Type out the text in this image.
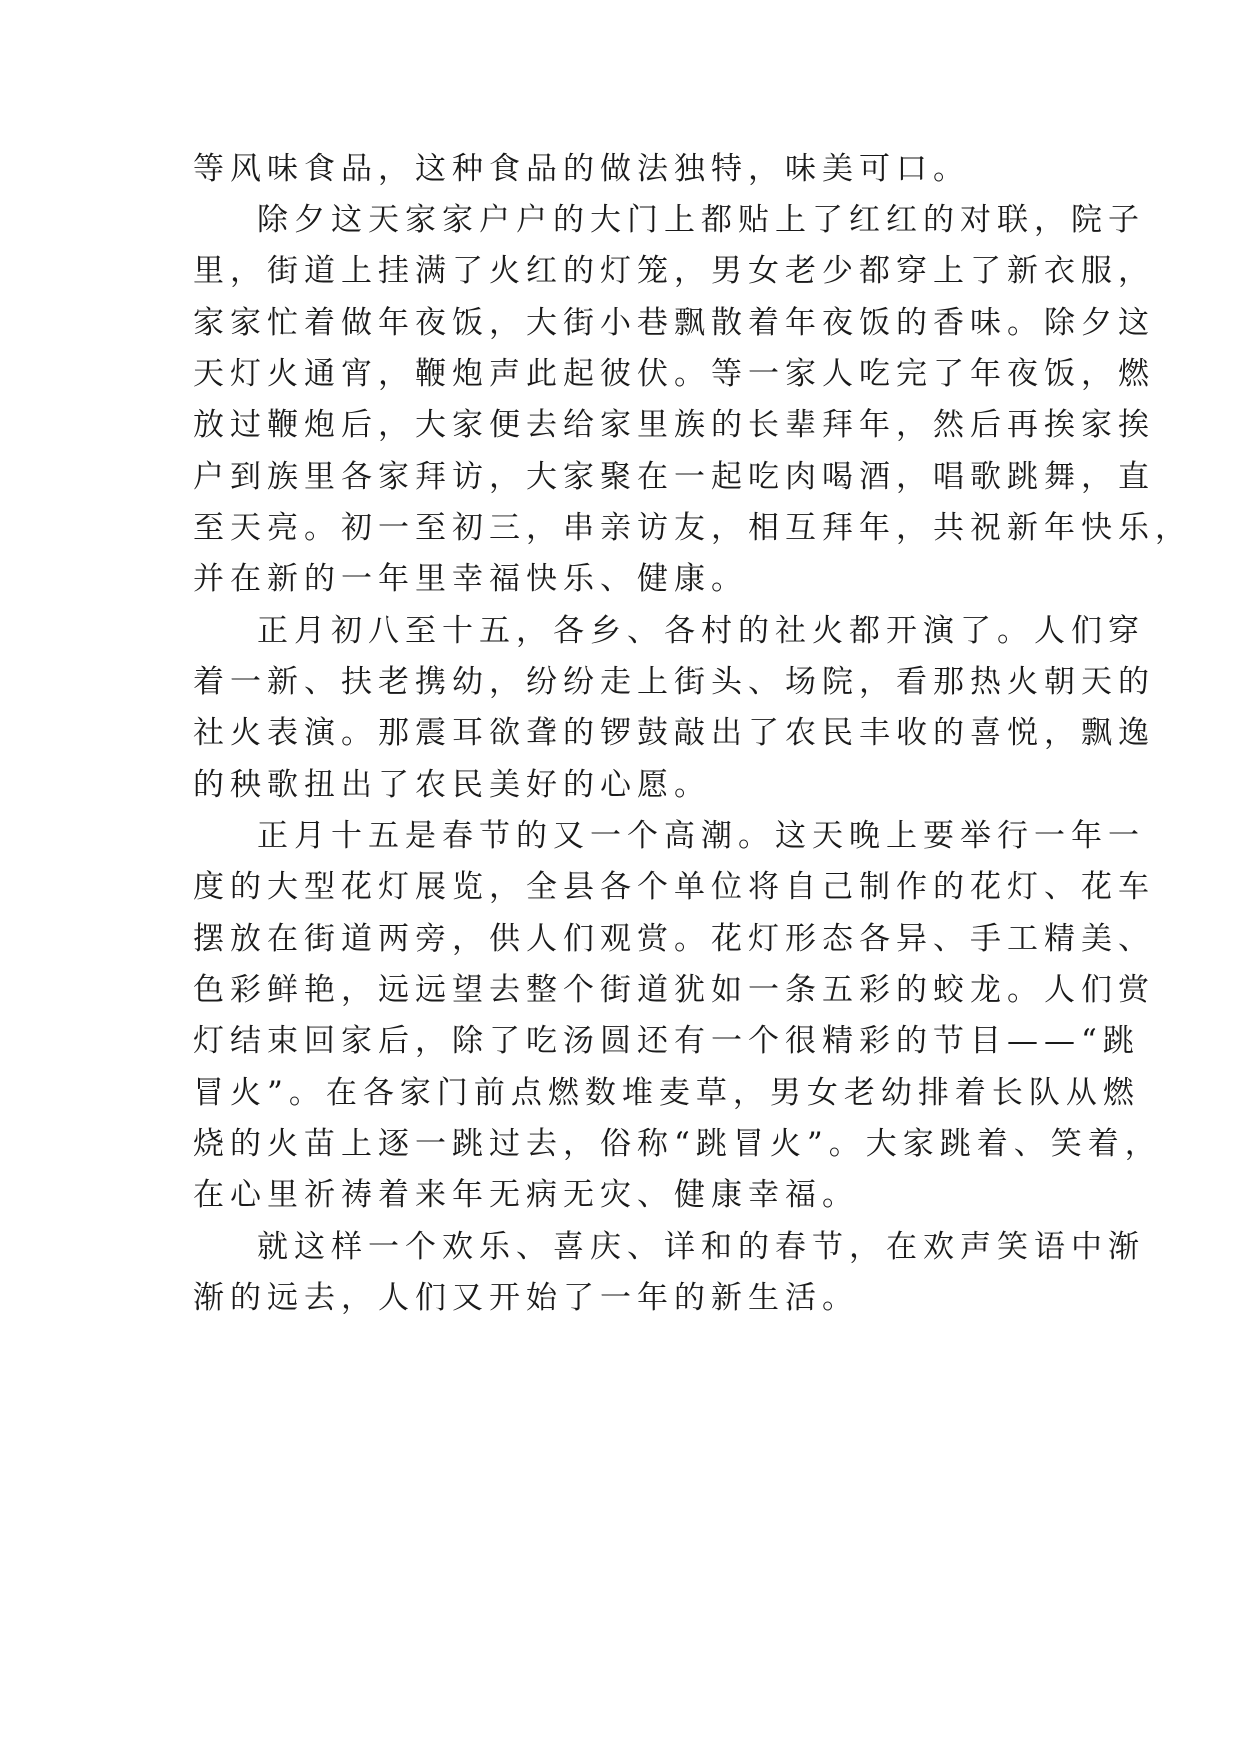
等风味食品，这种食品的做法独特，味美可口。
除夕这天家家户户的大门上都贴上了红红的对联，院子
里，街道上挂满了火红的灯笼，男女老少都穿上了新衣服，
家家忙着做年夜饭，大街小巷飘散着年夜饭的香味。除夕这
天灯火通宵，鞭炮声此起彼伏。等一家人吃完了年夜饭，燃
放过鞭炮后，大家便去给家里族的长辈拜年，然后再挨家挨
户到族里各家拜访，大家聚在一起吃肉喝酒，唱歌跳舞，直
至天亮。初一至初三，串亲访友，相互拜年，共祝新年快乐，
并在新的一年里幸福快乐、健康。
正月初八至十五，各乡、各村的社火都开演了。人们穿
着一新、扶老携幼，纷纷走上街头、场院，看那热火朝天的
社火表演。那震耳欲聋的锣鼓敲出了农民丰收的喜悦，飘逸
的秧歌扭出了农民美好的心愿。
正月十五是春节的又一个高潮。这天晚上要举行一年一
度的大型花灯展览，全县各个单位将自己制作的花灯、花车
摆放在街道两旁，供人们观赏。花灯形态各异、手工精美、
色彩鲜艳，远远望去整个街道犹如一条五彩的蛟龙。人们赏
灯结束回家后，除了吃汤圆还有一个很精彩的节目——“跳
冒火”。在各家门前点燃数堆麦草，男女老幼排着长队从燃
烧的火苗上逐一跳过去，俗称“跳冒火”。大家跳着、笑着，
在心里祈祷着来年无病无灾、健康幸福。
就这样一个欢乐、喜庆、详和的春节，在欢声笑语中渐
渐的远去，人们又开始了一年的新生活。
